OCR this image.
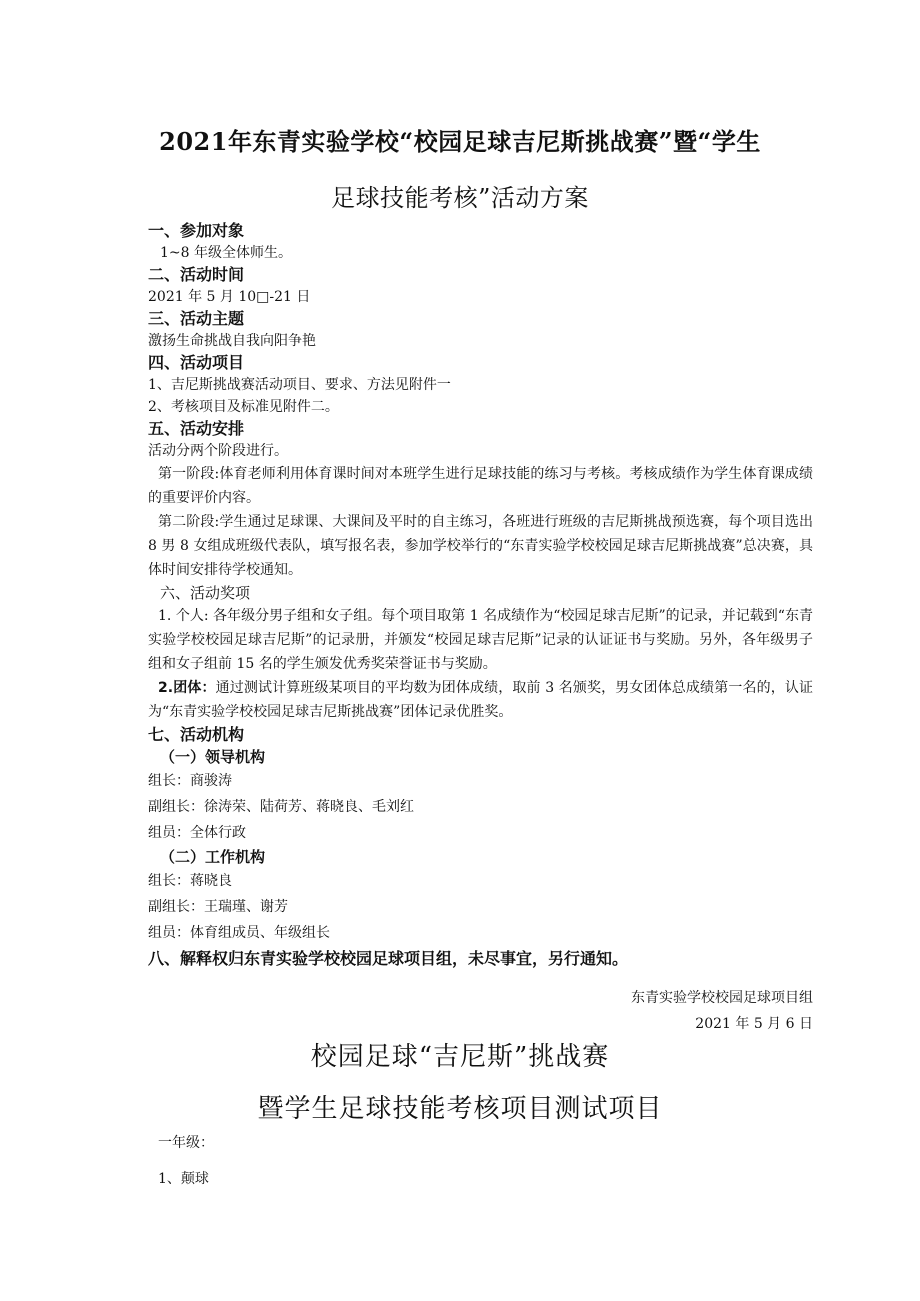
2021年东青实验学校“校园足球吉尼斯挑战赛”暨“学生
足球技能考核”活动方案
一、参加对象
1~8 年级全体师生。
二、活动时间
2021 年 5 月 10□-21 日
三、活动主题
激扬生命挑战自我向阳争艳
四、活动项目
1、吉尼斯挑战赛活动项目、要求、方法见附件一
2、考核项目及标准见附件二。
五、活动安排
活动分两个阶段进行。
第一阶段:体育老师利用体育课时间对本班学生进行足球技能的练习与考核。考核成绩作为学生体育课成绩的重要评价内容。
第二阶段:学生通过足球课、大课间及平时的自主练习，各班进行班级的吉尼斯挑战预选赛，每个项目选出 8 男 8 女组成班级代表队，填写报名表，参加学校举行的“东青实验学校校园足球吉尼斯挑战赛”总决赛，具体时间安排待学校通知。
六、活动奖项
1. 个人: 各年级分男子组和女子组。每个项目取第 1 名成绩作为“校园足球吉尼斯”的记录，并记载到“东青实验学校校园足球吉尼斯”的记录册，并颁发“校园足球吉尼斯”记录的认证证书与奖励。另外，各年级男子组和女子组前 15 名的学生颁发优秀奖荣誉证书与奖励。
2.团体：通过测试计算班级某项目的平均数为团体成绩，取前 3 名颁奖，男女团体总成绩第一名的，认证为“东青实验学校校园足球吉尼斯挑战赛”团体记录优胜奖。
七、活动机构
（一）领导机构
组长：商骏涛
副组长：徐涛荣、陆荷芳、蒋晓良、毛刘红
组员：全体行政
（二）工作机构
组长：蒋晓良
副组长：王瑞瑾、谢芳
组员：体育组成员、年级组长
八、解释权归东青实验学校校园足球项目组，未尽事宜，另行通知。
东青实验学校校园足球项目组
2021 年 5 月 6 日
校园足球“吉尼斯”挑战赛
暨学生足球技能考核项目测试项目
一年级：
1、颠球
